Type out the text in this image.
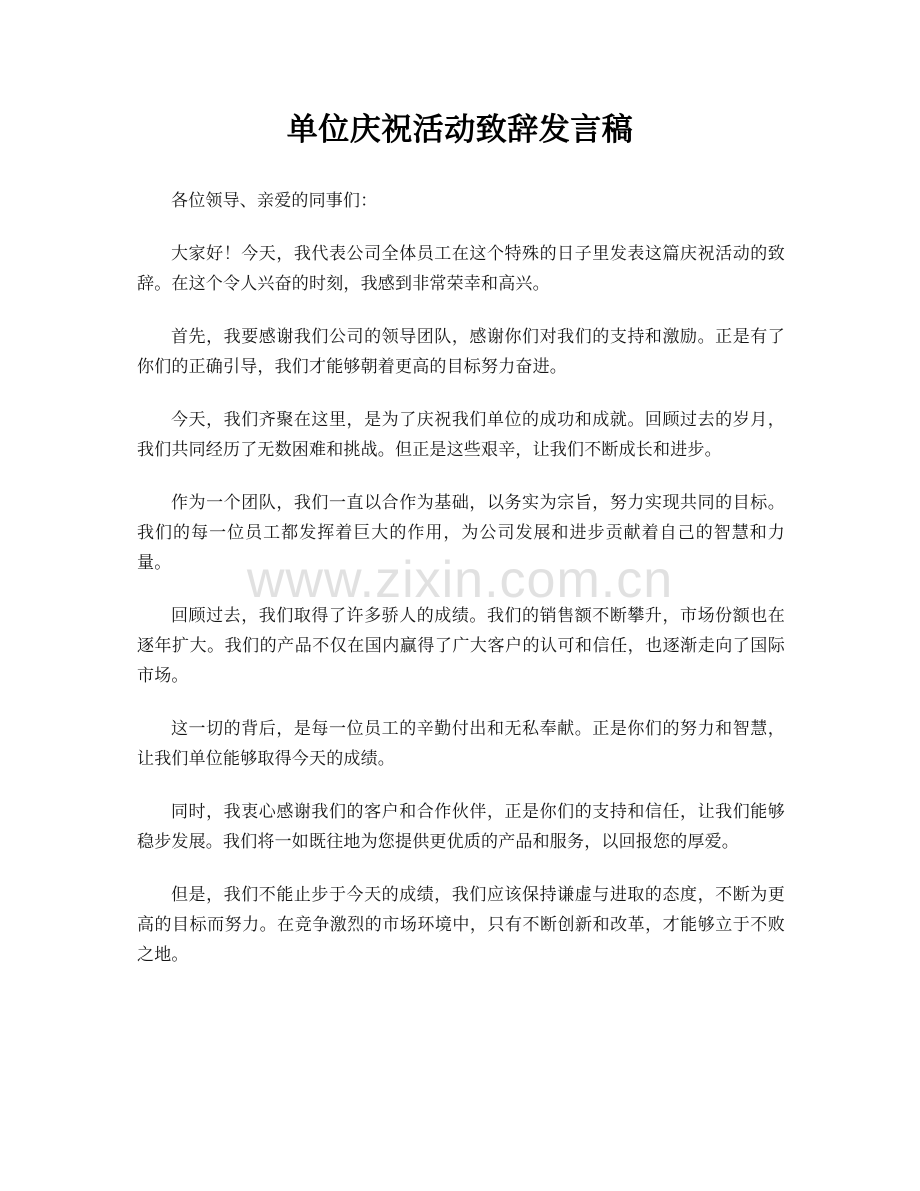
单位庆祝活动致辞发言稿

各位领导、亲爱的同事们：

大家好！今天，我代表公司全体员工在这个特殊的日子里发表这篇庆祝活动的致辞。在这个令人兴奋的时刻，我感到非常荣幸和高兴。

首先，我要感谢我们公司的领导团队，感谢你们对我们的支持和激励。正是有了你们的正确引导，我们才能够朝着更高的目标努力奋进。

今天，我们齐聚在这里，是为了庆祝我们单位的成功和成就。回顾过去的岁月，我们共同经历了无数困难和挑战。但正是这些艰辛，让我们不断成长和进步。

作为一个团队，我们一直以合作为基础，以务实为宗旨，努力实现共同的目标。我们的每一位员工都发挥着巨大的作用，为公司发展和进步贡献着自己的智慧和力量。

回顾过去，我们取得了许多骄人的成绩。我们的销售额不断攀升，市场份额也在逐年扩大。我们的产品不仅在国内赢得了广大客户的认可和信任，也逐渐走向了国际市场。

这一切的背后，是每一位员工的辛勤付出和无私奉献。正是你们的努力和智慧，让我们单位能够取得今天的成绩。

同时，我衷心感谢我们的客户和合作伙伴，正是你们的支持和信任，让我们能够稳步发展。我们将一如既往地为您提供更优质的产品和服务，以回报您的厚爱。

但是，我们不能止步于今天的成绩，我们应该保持谦虚与进取的态度，不断为更高的目标而努力。在竞争激烈的市场环境中，只有不断创新和改革，才能够立于不败之地。

www.zixin.com.cn
